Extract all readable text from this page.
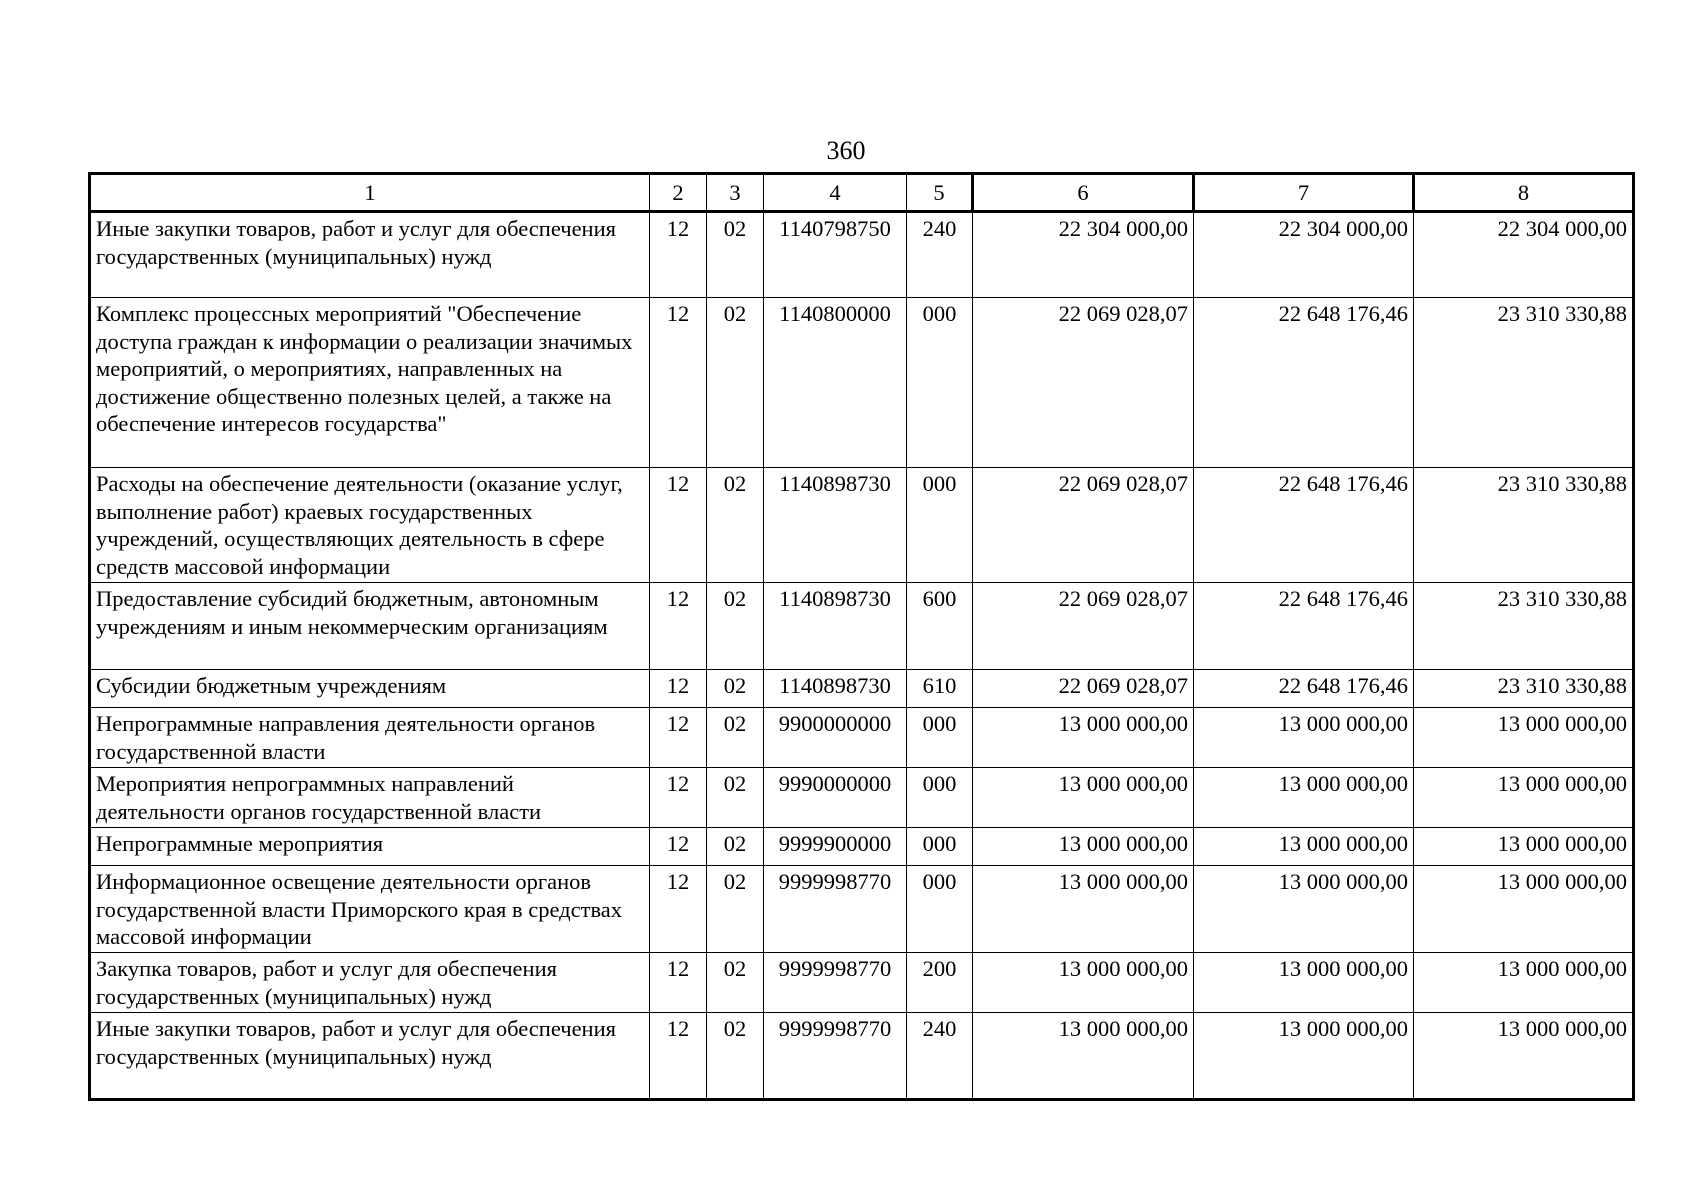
360
1	2	3	4	5	6	7	8
Иные закупки товаров, работ и услуг для обеспечения государственных (муниципальных) нужд	12	02	1140798750	240	22 304 000,00	22 304 000,00	22 304 000,00
Комплекс процессных мероприятий "Обеспечение доступа граждан к информации о реализации значимых мероприятий, о мероприятиях, направленных на достижение общественно полезных целей, а также на обеспечение интересов государства"	12	02	1140800000	000	22 069 028,07	22 648 176,46	23 310 330,88
Расходы на обеспечение деятельности (оказание услуг, выполнение работ) краевых государственных учреждений, осуществляющих деятельность в сфере средств массовой информации	12	02	1140898730	000	22 069 028,07	22 648 176,46	23 310 330,88
Предоставление субсидий бюджетным, автономным учреждениям и иным некоммерческим организациям	12	02	1140898730	600	22 069 028,07	22 648 176,46	23 310 330,88
Субсидии бюджетным учреждениям	12	02	1140898730	610	22 069 028,07	22 648 176,46	23 310 330,88
Непрограммные направления деятельности органов государственной власти	12	02	9900000000	000	13 000 000,00	13 000 000,00	13 000 000,00
Мероприятия непрограммных направлений деятельности органов государственной власти	12	02	9990000000	000	13 000 000,00	13 000 000,00	13 000 000,00
Непрограммные мероприятия	12	02	9999900000	000	13 000 000,00	13 000 000,00	13 000 000,00
Информационное освещение деятельности органов государственной власти Приморского края в средствах массовой информации	12	02	9999998770	000	13 000 000,00	13 000 000,00	13 000 000,00
Закупка товаров, работ и услуг для обеспечения государственных (муниципальных) нужд	12	02	9999998770	200	13 000 000,00	13 000 000,00	13 000 000,00
Иные закупки товаров, работ и услуг для обеспечения государственных (муниципальных) нужд	12	02	9999998770	240	13 000 000,00	13 000 000,00	13 000 000,00
